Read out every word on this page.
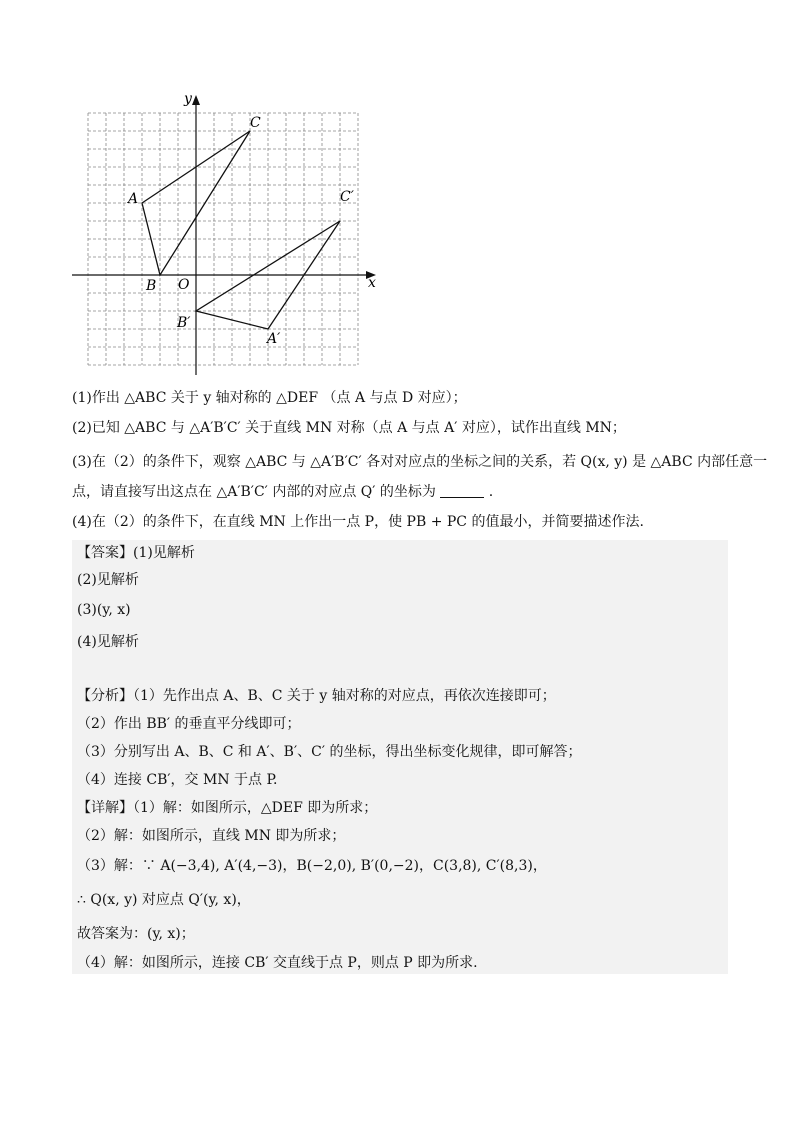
x
y
O
A
B
C
A′
B′
C′
(1)作出 △ABC 关于 y 轴对称的 △DEF （点 A 与点 D 对应）；
(2)已知 △ABC 与 △A′B′C′ 关于直线 MN 对称（点 A 与点 A′ 对应），试作出直线 MN；
(3)在（2）的条件下，观察 △ABC 与 △A′B′C′ 各对对应点的坐标之间的关系，若 Q(x, y) 是 △ABC 内部任意一
点，请直接写出这点在 △A′B′C′ 内部的对应点 Q′ 的坐标为	.
(4)在（2）的条件下，在直线 MN 上作出一点 P，使 PB + PC 的值最小，并简要描述作法.
【答案】(1)见解析
(2)见解析
(3)(y, x)
(4)见解析
【分析】（1）先作出点 A、B、C 关于 y 轴对称的对应点，再依次连接即可；
（2）作出 BB′ 的垂直平分线即可；
（3）分别写出 A、B、C 和 A′、B′、C′ 的坐标，得出坐标变化规律，即可解答；
（4）连接 CB′，交 MN 于点 P.
【详解】（1）解：如图所示，△DEF 即为所求；
（2）解：如图所示，直线 MN 即为所求；
（3）解：∵ A(−3,4), A′(4,−3)，B(−2,0), B′(0,−2)，C(3,8), C′(8,3)，
∴ Q(x, y) 对应点 Q′(y, x)，
故答案为：(y, x)；
（4）解：如图所示，连接 CB′ 交直线于点 P，则点 P 即为所求.
